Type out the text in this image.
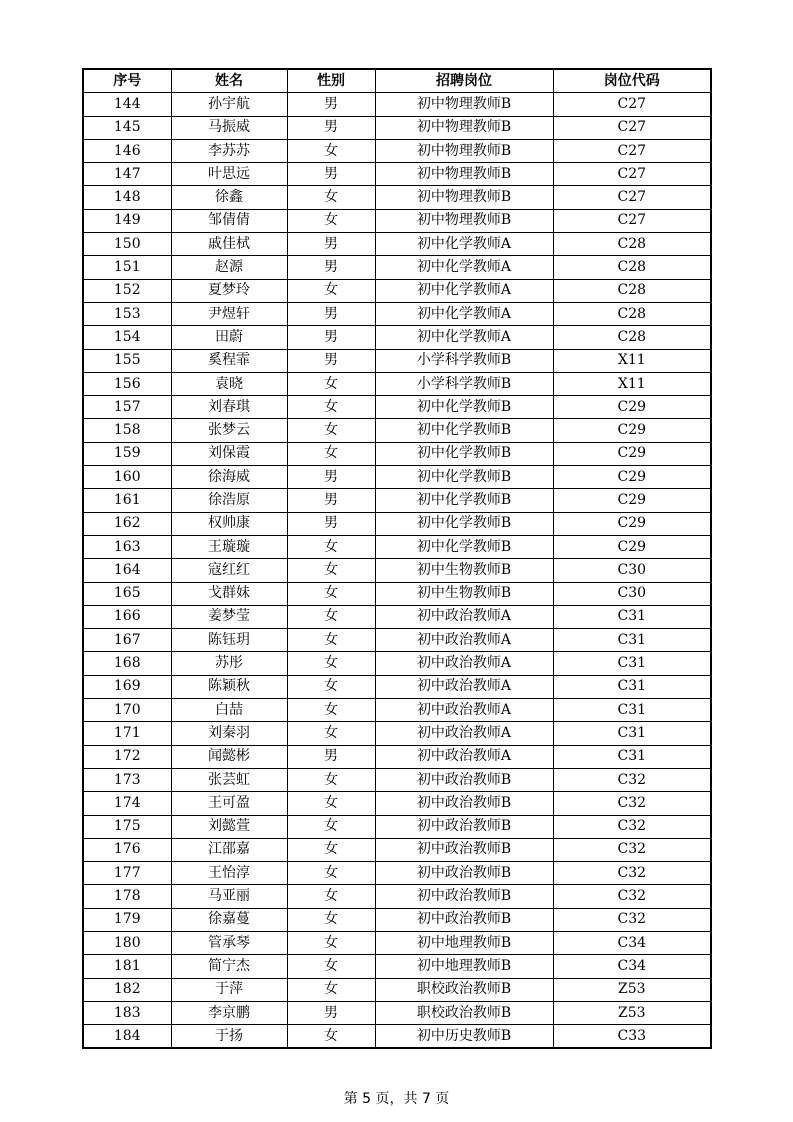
序号	姓名	性别	招聘岗位	岗位代码
144	孙宇航	男	初中物理教师B	C27
145	马振威	男	初中物理教师B	C27
146	李苏苏	女	初中物理教师B	C27
147	叶思远	男	初中物理教师B	C27
148	徐鑫	女	初中物理教师B	C27
149	邹倩倩	女	初中物理教师B	C27
150	戚佳栻	男	初中化学教师A	C28
151	赵源	男	初中化学教师A	C28
152	夏梦玲	女	初中化学教师A	C28
153	尹煜轩	男	初中化学教师A	C28
154	田蔚	男	初中化学教师A	C28
155	奚程霏	男	小学科学教师B	X11
156	袁晓	女	小学科学教师B	X11
157	刘春琪	女	初中化学教师B	C29
158	张梦云	女	初中化学教师B	C29
159	刘保霞	女	初中化学教师B	C29
160	徐海威	男	初中化学教师B	C29
161	徐浩原	男	初中化学教师B	C29
162	权帅康	男	初中化学教师B	C29
163	王璇璇	女	初中化学教师B	C29
164	寇红红	女	初中生物教师B	C30
165	戈群妹	女	初中生物教师B	C30
166	姜梦莹	女	初中政治教师A	C31
167	陈钰玥	女	初中政治教师A	C31
168	苏彤	女	初中政治教师A	C31
169	陈颖秋	女	初中政治教师A	C31
170	白喆	女	初中政治教师A	C31
171	刘秦羽	女	初中政治教师A	C31
172	闻懿彬	男	初中政治教师A	C31
173	张芸虹	女	初中政治教师B	C32
174	王可盈	女	初中政治教师B	C32
175	刘懿萱	女	初中政治教师B	C32
176	江邵嘉	女	初中政治教师B	C32
177	王怡淳	女	初中政治教师B	C32
178	马亚丽	女	初中政治教师B	C32
179	徐嘉蔓	女	初中政治教师B	C32
180	管承琴	女	初中地理教师B	C34
181	简宁杰	女	初中地理教师B	C34
182	于萍	女	职校政治教师B	Z53
183	李京鹏	男	职校政治教师B	Z53
184	于扬	女	初中历史教师B	C33
第 5 页，共 7 页
